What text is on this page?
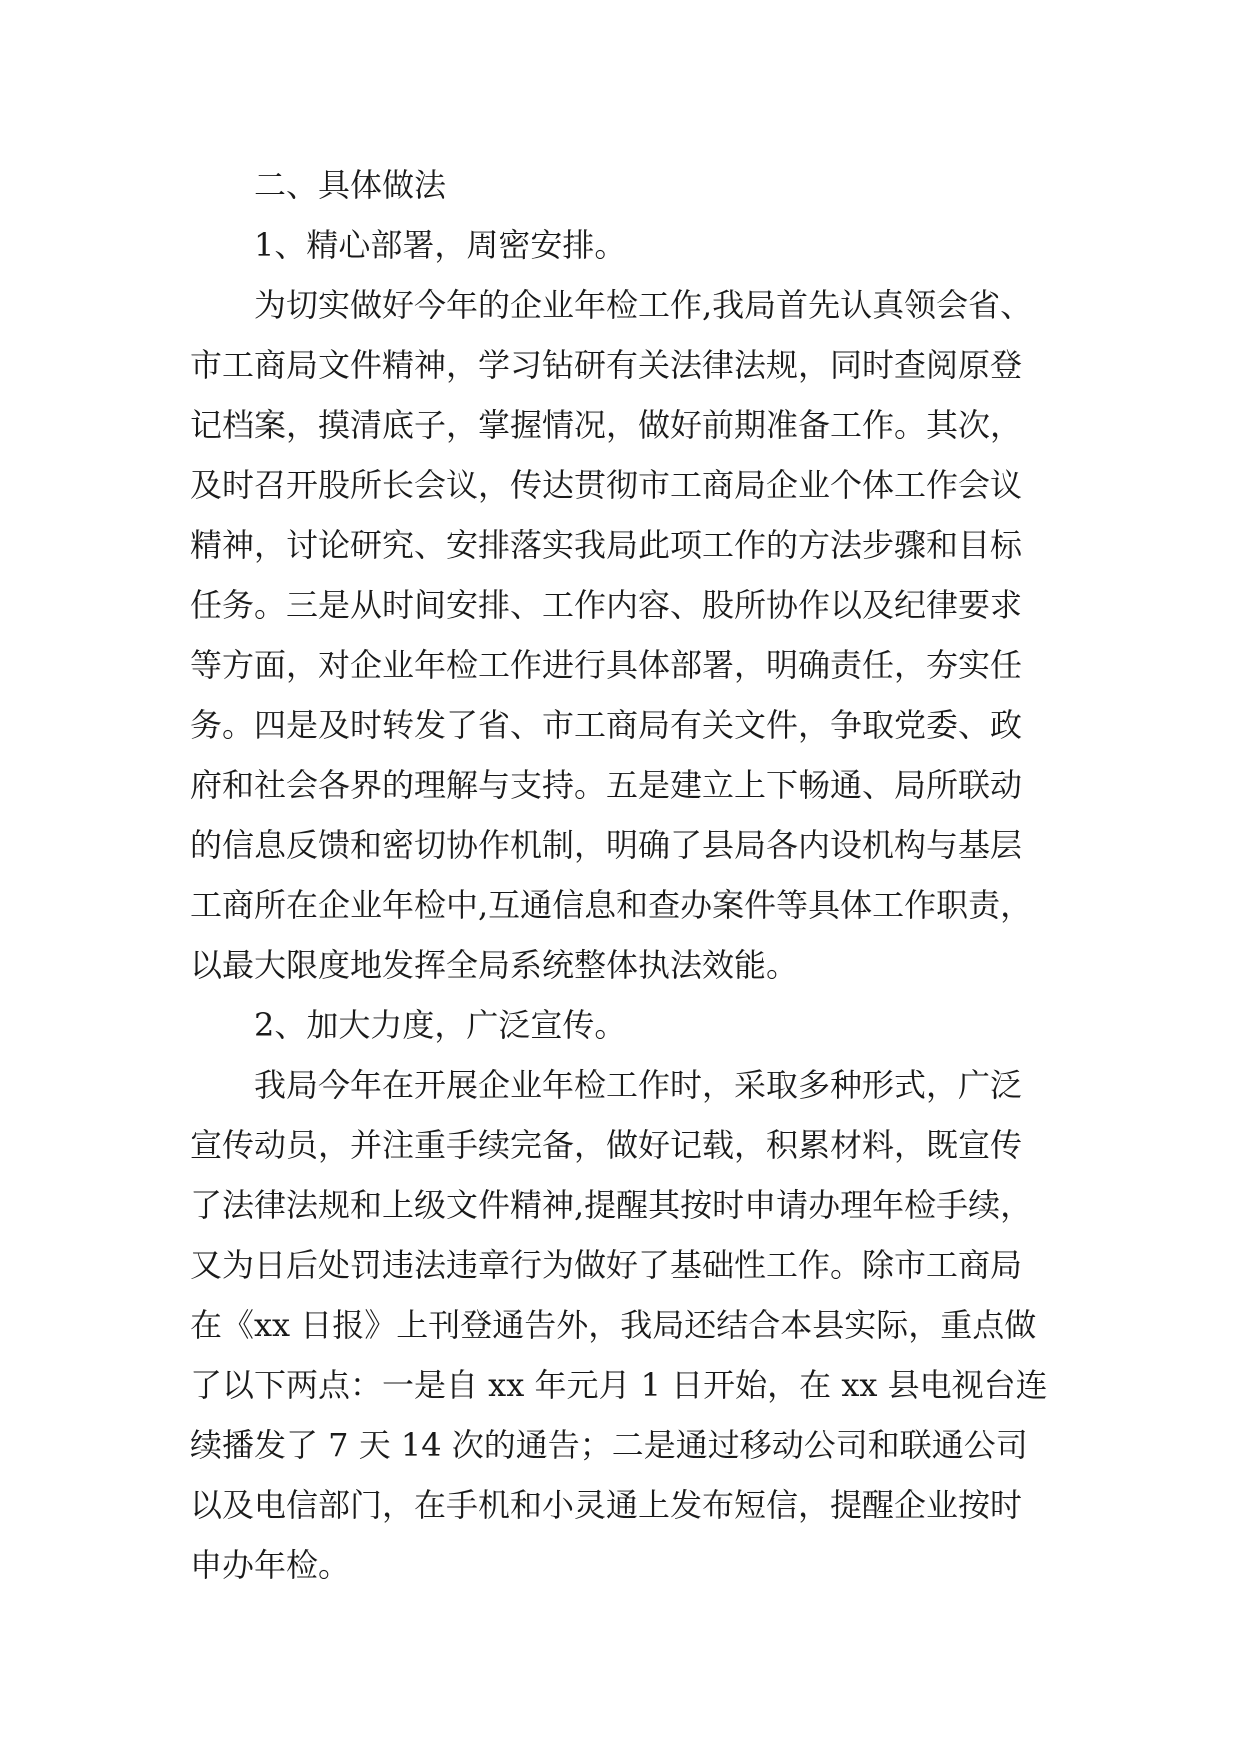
二、具体做法
1、精心部署，周密安排。
为切实做好今年的企业年检工作,我局首先认真领会省、
市工商局文件精神，学习钻研有关法律法规，同时查阅原登
记档案，摸清底子，掌握情况，做好前期准备工作。其次，
及时召开股所长会议，传达贯彻市工商局企业个体工作会议
精神，讨论研究、安排落实我局此项工作的方法步骤和目标
任务。三是从时间安排、工作内容、股所协作以及纪律要求
等方面，对企业年检工作进行具体部署，明确责任，夯实任
务。四是及时转发了省、市工商局有关文件，争取党委、政
府和社会各界的理解与支持。五是建立上下畅通、局所联动
的信息反馈和密切协作机制，明确了县局各内设机构与基层
工商所在企业年检中,互通信息和查办案件等具体工作职责，
以最大限度地发挥全局系统整体执法效能。
2、加大力度，广泛宣传。
我局今年在开展企业年检工作时，采取多种形式，广泛
宣传动员，并注重手续完备，做好记载，积累材料，既宣传
了法律法规和上级文件精神,提醒其按时申请办理年检手续，
又为日后处罚违法违章行为做好了基础性工作。除市工商局
在《xx 日报》上刊登通告外，我局还结合本县实际，重点做
了以下两点：一是自 xx 年元月 1 日开始，在 xx 县电视台连
续播发了 7 天 14 次的通告；二是通过移动公司和联通公司
以及电信部门，在手机和小灵通上发布短信，提醒企业按时
申办年检。
